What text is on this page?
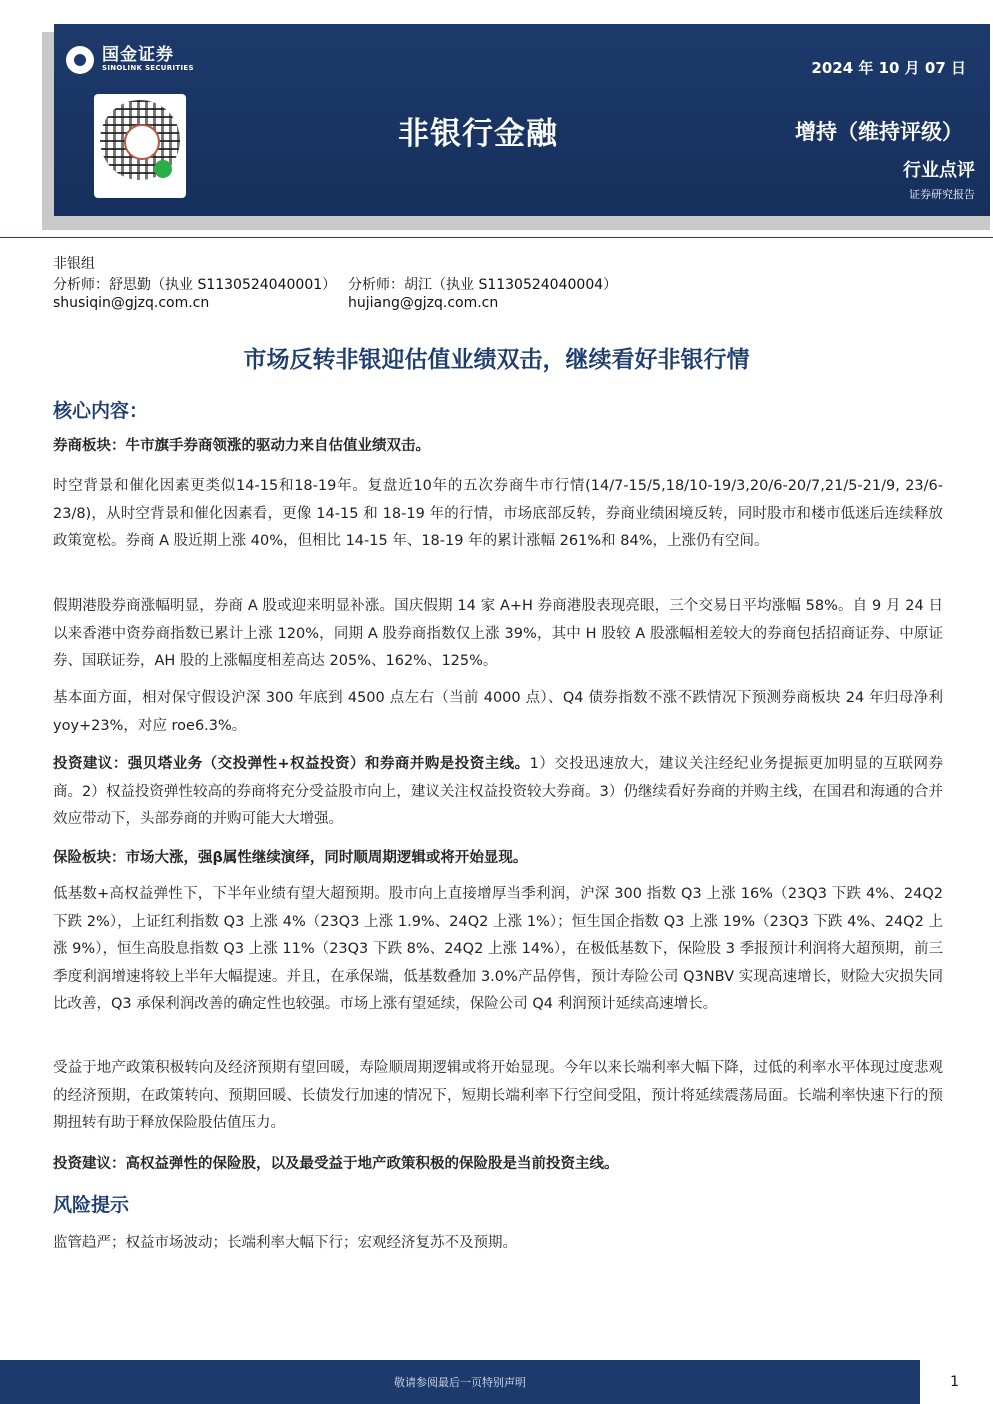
国金证券
SINOLINK SECURITIES	2024 年 10 月 07 日
非银行金融	增持（维持评级）
行业点评
证券研究报告
非银组
分析师：舒思勤（执业 S1130524040001） 分析师：胡江（执业 S1130524040004）
shusiqin@gjzq.com.cn	hujiang@gjzq.com.cn
市场反转非银迎估值业绩双击，继续看好非银行情
核心内容：

券商板块：牛市旗手券商领涨的驱动力来自估值业绩双击。

时空背景和催化因素更类似14-15和18-19年。复盘近10年的五次券商牛市行情(14/7-15/5,18/10-19/3,20/6-20/7,21/5-21/9, 23/6-23/8)，从时空背景和催化因素看，更像 14-15 和 18-19 年的行情，市场底部反转，券商业绩困境反转，同时股市和楼市低迷后连续释放政策宽松。券商 A 股近期上涨 40%，但相比 14-15 年、18-19 年的累计涨幅 261%和 84%，上涨仍有空间。

假期港股券商涨幅明显，券商 A 股或迎来明显补涨。国庆假期 14 家 A+H 券商港股表现亮眼，三个交易日平均涨幅 58%。自 9 月 24 日以来香港中资券商指数已累计上涨 120%，同期 A 股券商指数仅上涨 39%，其中 H 股较 A 股涨幅相差较大的券商包括招商证券、中原证券、国联证券，AH 股的上涨幅度相差高达 205%、162%、125%。

基本面方面，相对保守假设沪深 300 年底到 4500 点左右（当前 4000 点）、Q4 债券指数不涨不跌情况下预测券商板块 24 年归母净利 yoy+23%，对应 roe6.3%。

投资建议：强贝塔业务（交投弹性+权益投资）和券商并购是投资主线。1）交投迅速放大，建议关注经纪业务提振更加明显的互联网券商。2）权益投资弹性较高的券商将充分受益股市向上，建议关注权益投资较大券商。3）仍继续看好券商的并购主线，在国君和海通的合并效应带动下，头部券商的并购可能大大增强。

保险板块：市场大涨，强β属性继续演绎，同时顺周期逻辑或将开始显现。

低基数+高权益弹性下，下半年业绩有望大超预期。股市向上直接增厚当季利润，沪深 300 指数 Q3 上涨 16%（23Q3 下跌 4%、24Q2 下跌 2%），上证红利指数 Q3 上涨 4%（23Q3 上涨 1.9%、24Q2 上涨 1%）；恒生国企指数 Q3 上涨 19%（23Q3 下跌 4%、24Q2 上涨 9%），恒生高股息指数 Q3 上涨 11%（23Q3 下跌 8%、24Q2 上涨 14%），在极低基数下，保险股 3 季报预计利润将大超预期，前三季度利润增速将较上半年大幅提速。并且，在承保端，低基数叠加 3.0%产品停售，预计寿险公司 Q3NBV 实现高速增长，财险大灾损失同比改善，Q3 承保利润改善的确定性也较强。市场上涨有望延续，保险公司 Q4 利润预计延续高速增长。

受益于地产政策积极转向及经济预期有望回暖，寿险顺周期逻辑或将开始显现。今年以来长端利率大幅下降，过低的利率水平体现过度悲观的经济预期，在政策转向、预期回暖、长债发行加速的情况下，短期长端利率下行空间受阻，预计将延续震荡局面。长端利率快速下行的预期扭转有助于释放保险股估值压力。

投资建议：高权益弹性的保险股，以及最受益于地产政策积极的保险股是当前投资主线。

风险提示

监管趋严；权益市场波动；长端利率大幅下行；宏观经济复苏不及预期。

敬请参阅最后一页特别声明	1
